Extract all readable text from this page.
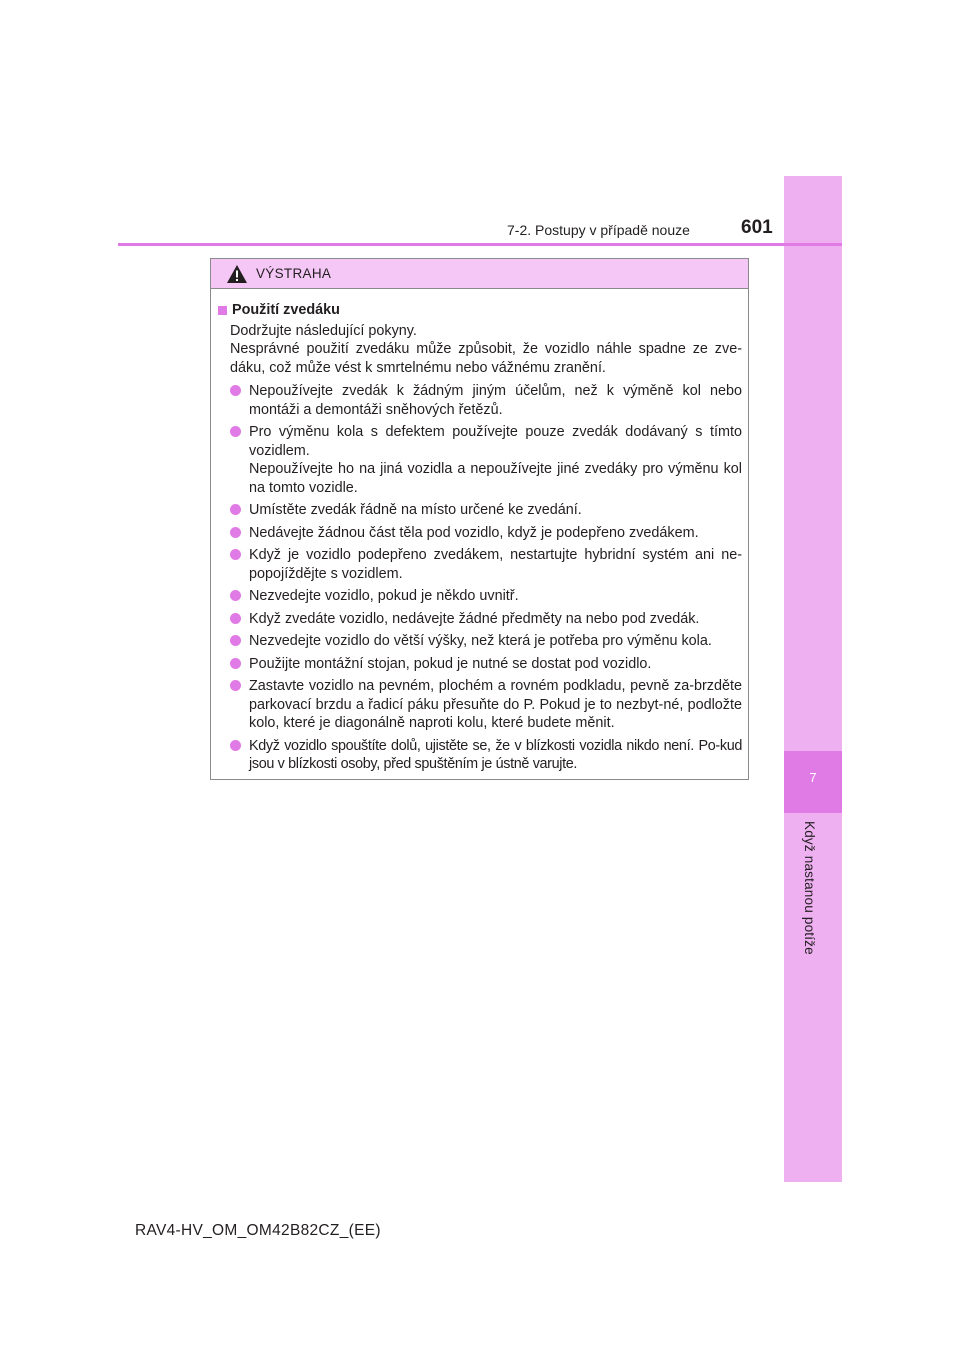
7
Když nastanou potíže
7-2. Postupy v případě nouze	601
VÝSTRAHA
Použití zvedáku
Dodržujte následující pokyny.
Nesprávné použití zvedáku může způsobit, že vozidlo náhle spadne ze zve-dáku, což může vést k smrtelnému nebo vážnému zranění.
Nepoužívejte zvedák k žádným jiným účelům, než k výměně kol nebo montáži a demontáži sněhových řetězů.
Pro výměnu kola s defektem používejte pouze zvedák dodávaný s tímto vozidlem.
Nepoužívejte ho na jiná vozidla a nepoužívejte jiné zvedáky pro výměnu kol na tomto vozidle.
Umístěte zvedák řádně na místo určené ke zvedání.
Nedávejte žádnou část těla pod vozidlo, když je podepřeno zvedákem.
Když je vozidlo podepřeno zvedákem, nestartujte hybridní systém ani ne-popojíždějte s vozidlem.
Nezvedejte vozidlo, pokud je někdo uvnitř.
Když zvedáte vozidlo, nedávejte žádné předměty na nebo pod zvedák.
Nezvedejte vozidlo do větší výšky, než která je potřeba pro výměnu kola.
Použijte montážní stojan, pokud je nutné se dostat pod vozidlo.
Zastavte vozidlo na pevném, plochém a rovném podkladu, pevně za-brzděte parkovací brzdu a řadicí páku přesuňte do P. Pokud je to nezbyt-né, podložte kolo, které je diagonálně naproti kolu, které budete měnit.
Když vozidlo spouštíte dolů, ujistěte se, že v blízkosti vozidla nikdo není. Po-kud jsou v blízkosti osoby, před spuštěním je ústně varujte.
RAV4-HV_OM_OM42B82CZ_(EE)
